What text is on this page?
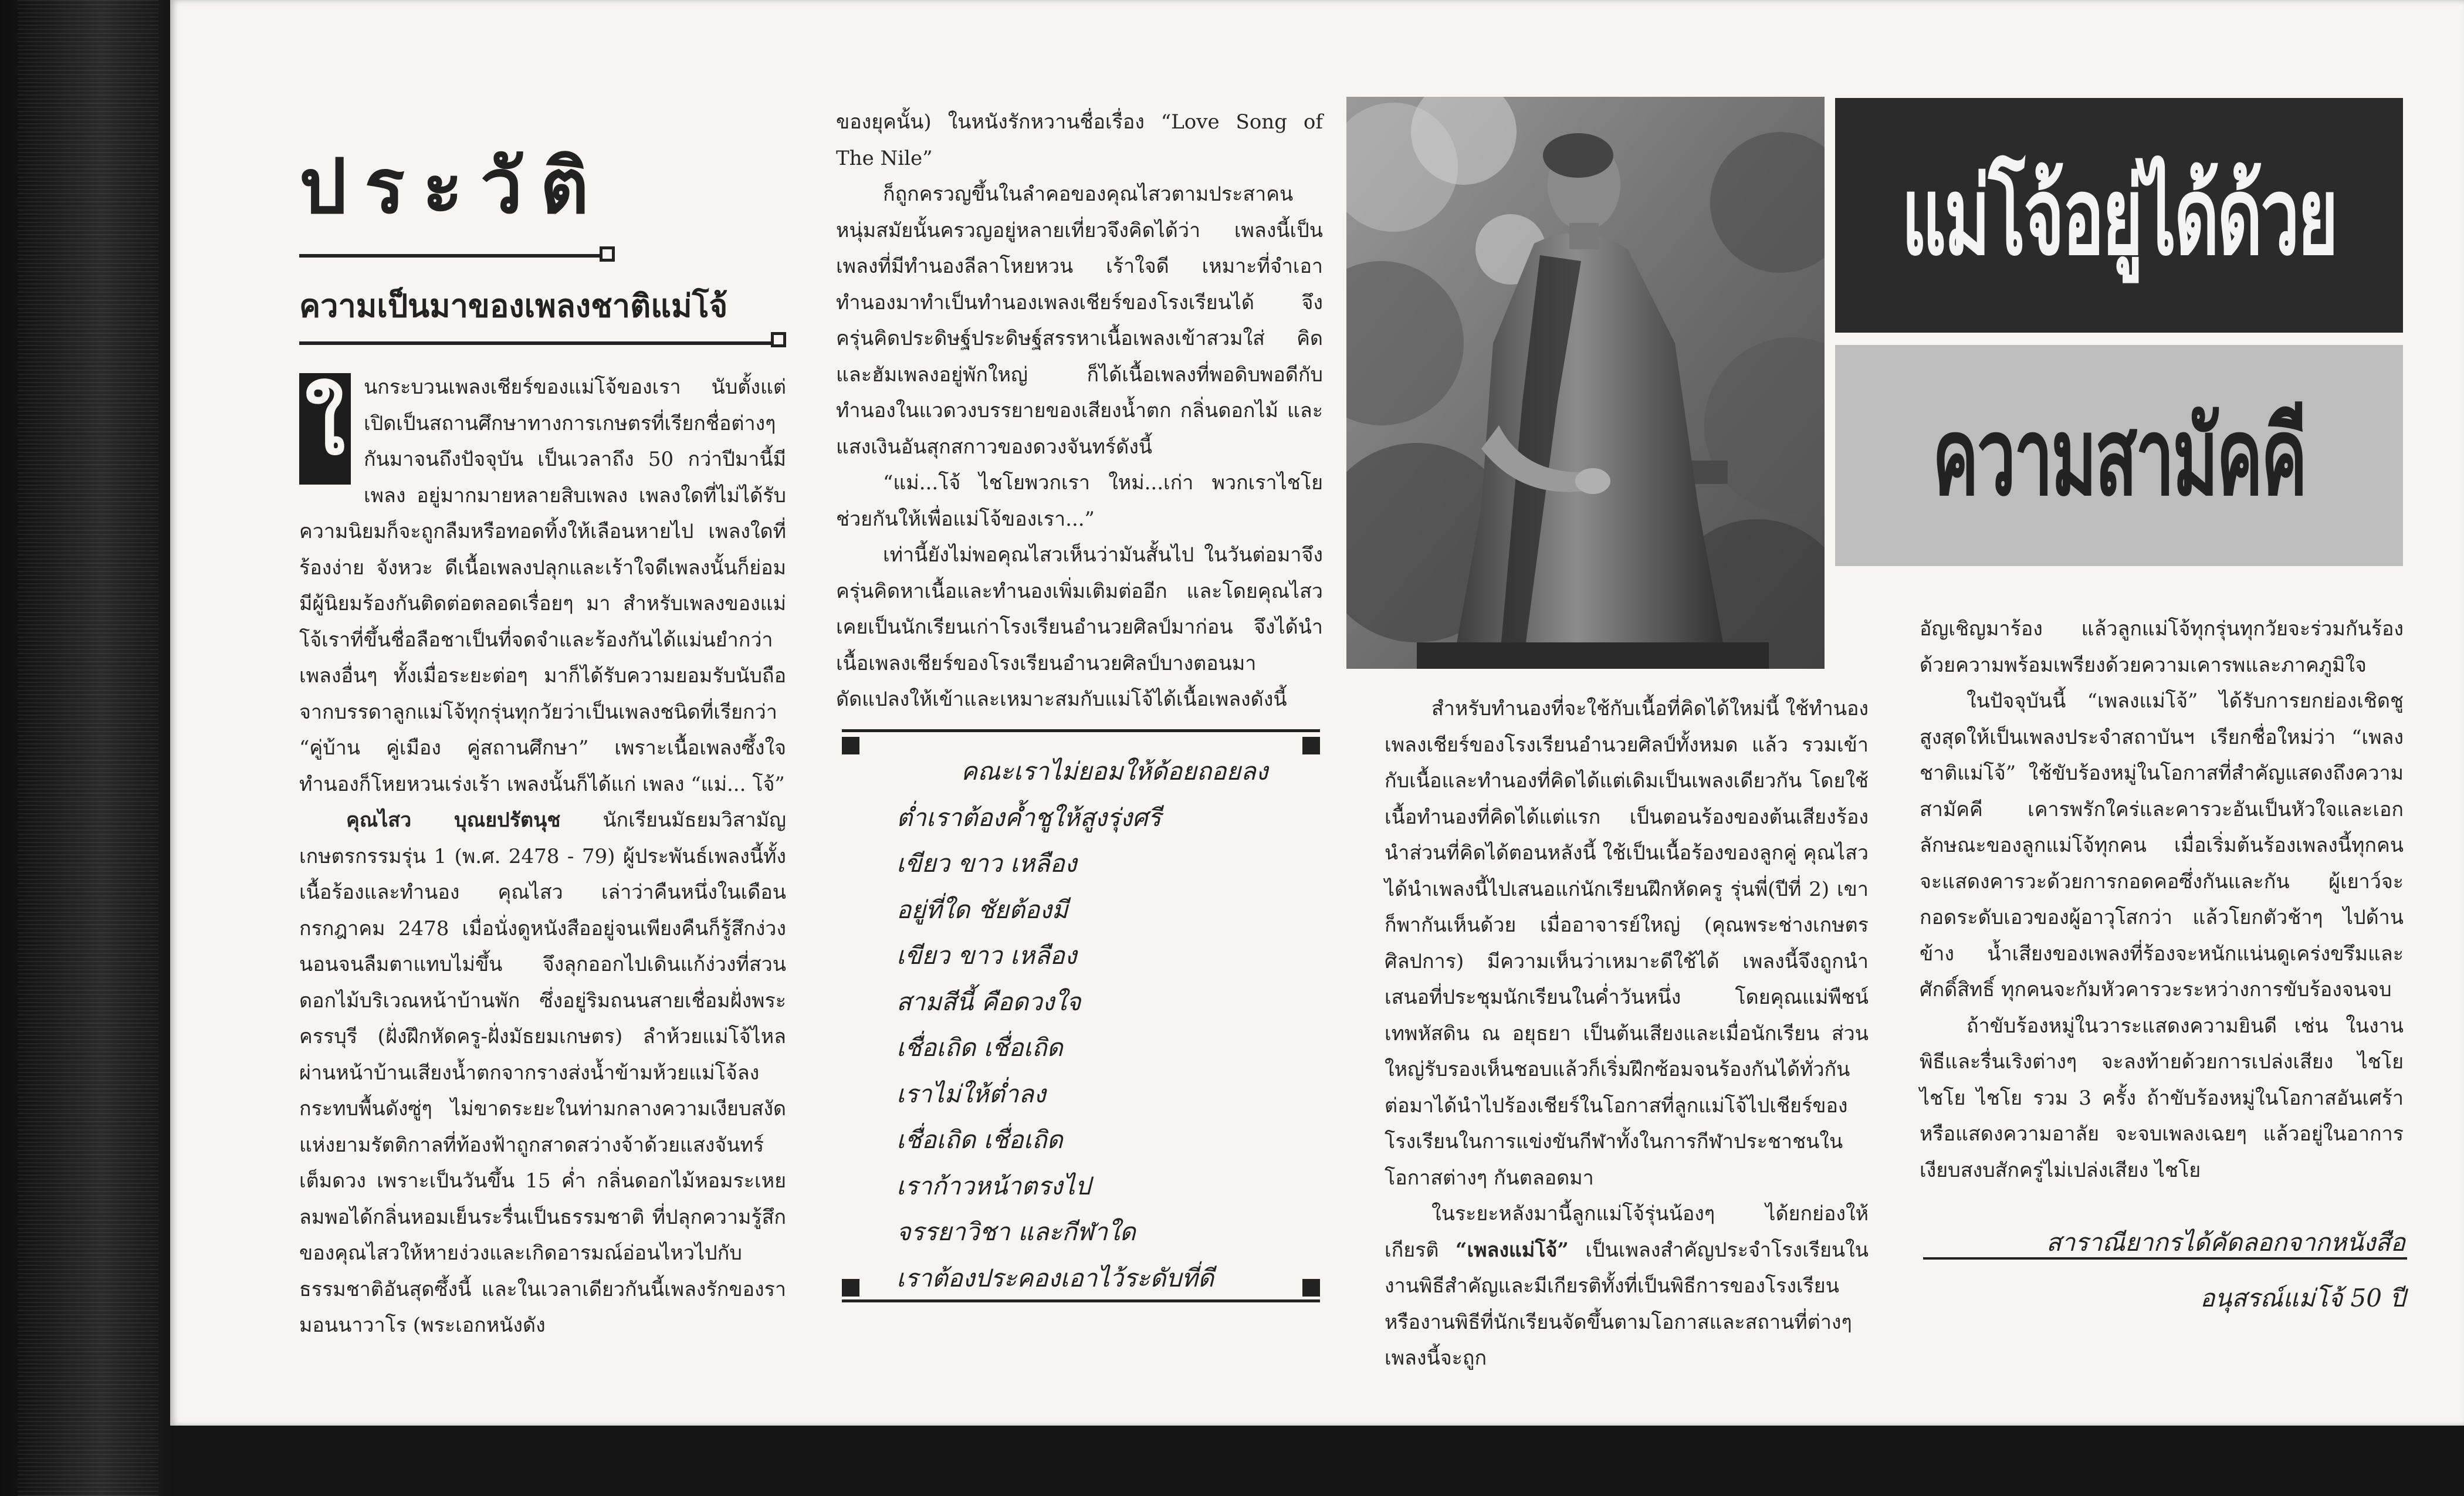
ประวัติ
ความเป็นมาของเพลงชาติแม่โจ้
ใ นกระบวนเพลงเชียร์ของแม่โจ้ของเรา นับตั้งแต่เปิดเป็นสถานศึกษาทางการเกษตรที่เรียกชื่อต่างๆ กันมาจนถึงปัจจุบัน เป็นเวลาถึง 50 กว่าปีมานี้มีเพลง อยู่มากมายหลายสิบเพลง เพลงใดที่ไม่ได้รับความนิยมก็จะถูกลืมหรือทอดทิ้งให้เลือนหายไป เพลงใดที่ร้องง่าย จังหวะ ดีเนื้อเพลงปลุกและเร้าใจดีเพลงนั้นก็ย่อมมีผู้นิยมร้องกันติดต่อตลอดเรื่อยๆ มา สำหรับเพลงของแม่โจ้เราที่ขึ้นชื่อลือชาเป็นที่จดจำและร้องกันได้แม่นยำกว่าเพลงอื่นๆ ทั้งเมื่อระยะต่อๆ มาก็ได้รับความยอมรับนับถือจากบรรดาลูกแม่โจ้ทุกรุ่นทุกวัยว่าเป็นเพลงชนิดที่เรียกว่า “คู่บ้าน คู่เมือง คู่สถานศึกษา” เพราะเนื้อเพลงซึ้งใจ ทำนองก็โหยหวนเร่งเร้า เพลงนั้นก็ได้แก่ เพลง “แม่... โจ้”

คุณไสว บุณยปรัตนุช นักเรียนมัธยมวิสามัญเกษตรกรรมรุ่น 1 (พ.ศ. 2478 - 79) ผู้ประพันธ์เพลงนี้ทั้งเนื้อร้องและทำนอง คุณไสว เล่าว่าคืนหนึ่งในเดือนกรกฎาคม 2478 เมื่อนั่งดูหนังสืออยู่จนเพียงคืนก็รู้สึกง่วงนอนจนลืมตาแทบไม่ขึ้น จึงลุกออกไปเดินแก้ง่วงที่สวนดอกไม้บริเวณหน้าบ้านพัก ซึ่งอยู่ริมถนนสายเชื่อมฝั่งพระครรบุรี (ฝั่งฝึกหัดครู-ฝั่งมัธยมเกษตร) ลำห้วยแม่โจ้ไหลผ่านหน้าบ้านเสียงน้ำตกจากรางส่งน้ำข้ามห้วยแม่โจ้ลงกระทบพื้นดังซู่ๆ ไม่ขาดระยะในท่ามกลางความเงียบสงัดแห่งยามรัตติกาลที่ท้องฟ้าถูกสาดสว่างจ้าด้วยแสงจันทร์เต็มดวง เพราะเป็นวันขึ้น 15 ค่ำ กลิ่นดอกไม้หอมระเหยลมพอได้กลิ่นหอมเย็นระรื่นเป็นธรรมชาติ ที่ปลุกความรู้สึกของคุณไสวให้หายง่วงและเกิดอารมณ์อ่อนไหวไปกับธรรมชาติอันสุดซึ้งนี้ และในเวลาเดียวกันนี้เพลงรักของรามอนนาวาโร (พระเอกหนังดัง

ของยุคนั้น) ในหนังรักหวานชื่อเรื่อง “Love Song of The Nile”

ก็ถูกครวญขึ้นในลำคอของคุณไสวตามประสาคนหนุ่มสมัยนั้นครวญอยู่หลายเที่ยวจึงคิดได้ว่า เพลงนี้เป็นเพลงที่มีทำนองลีลาโหยหวน เร้าใจดี เหมาะที่จำเอาทำนองมาทำเป็นทำนองเพลงเชียร์ของโรงเรียนได้ จึงครุ่นคิดประดิษฐ์ประดิษฐ์สรรหาเนื้อเพลงเข้าสวมใส่ คิดและฮัมเพลงอยู่พักใหญ่ ก็ได้เนื้อเพลงที่พอดิบพอดีกับทำนองในแวดวงบรรยายของเสียงน้ำตก กลิ่นดอกไม้ และแสงเงินอันสุกสกาวของดวงจันทร์ดังนี้

“แม่...โจ้ ไชโยพวกเรา ใหม่...เก่า พวกเราไชโย ช่วยกันให้เพื่อแม่โจ้ของเรา...”

เท่านี้ยังไม่พอคุณไสวเห็นว่ามันสั้นไป ในวันต่อมาจึงครุ่นคิดหาเนื้อและทำนองเพิ่มเติมต่ออีก และโดยคุณไสวเคยเป็นนักเรียนเก่าโรงเรียนอำนวยศิลป์มาก่อน จึงได้นำเนื้อเพลงเชียร์ของโรงเรียนอำนวยศิลป์บางตอนมาดัดแปลงให้เข้าและเหมาะสมกับแม่โจ้ได้เนื้อเพลงดังนี้

คณะเราไม่ยอมให้ด้อยถอยลง
ต่ำเราต้องค้ำชูให้สูงรุ่งศรี
เขียว ขาว เหลือง
อยู่ที่ใด ชัยต้องมี
เขียว ขาว เหลือง
สามสีนี้ คือดวงใจ
เชื่อเถิด เชื่อเถิด
เราไม่ให้ต่ำลง
เชื่อเถิด เชื่อเถิด
เราก้าวหน้าตรงไป
จรรยาวิชา และกีฬาใด
เราต้องประคองเอาไว้ระดับที่ดี
แม่โจ้อยู่ได้ด้วย
ความสามัคคี

สำหรับทำนองที่จะใช้กับเนื้อที่คิดได้ใหม่นี้ ใช้ทำนองเพลงเชียร์ของโรงเรียนอำนวยศิลป์ทั้งหมด แล้ว รวมเข้ากับเนื้อและทำนองที่คิดได้แต่เดิมเป็นเพลงเดียวกัน โดยใช้เนื้อทำนองที่คิดได้แต่แรก เป็นตอนร้องของต้นเสียงร้องนำส่วนที่คิดได้ตอนหลังนี้ ใช้เป็นเนื้อร้องของลูกคู่ คุณไสวได้นำเพลงนี้ไปเสนอแก่นักเรียนฝึกหัดครู รุ่นพี่(ปีที่ 2) เขาก็พากันเห็นด้วย เมื่ออาจารย์ใหญ่ (คุณพระช่างเกษตรศิลปการ) มีความเห็นว่าเหมาะดีใช้ได้ เพลงนี้จึงถูกนำเสนอที่ประชุมนักเรียนในค่ำวันหนึ่ง โดยคุณแม่พืชน์ เทพหัสดิน ณ อยุธยา เป็นต้นเสียงและเมื่อนักเรียน ส่วนใหญ่รับรองเห็นชอบแล้วก็เริ่มฝึกซ้อมจนร้องกันได้ทั่วกัน ต่อมาได้นำไปร้องเชียร์ในโอกาสที่ลูกแม่โจ้ไปเชียร์ของโรงเรียนในการแข่งขันกีฬาทั้งในการกีฬาประชาชนในโอกาสต่างๆ กันตลอดมา

ในระยะหลังมานี้ลูกแม่โจ้รุ่นน้องๆ ได้ยกย่องให้เกียรติ “เพลงแม่โจ้” เป็นเพลงสำคัญประจำโรงเรียนในงานพิธีสำคัญและมีเกียรติทั้งที่เป็นพิธีการของโรงเรียน หรืองานพิธีที่นักเรียนจัดขึ้นตามโอกาสและสถานที่ต่างๆ เพลงนี้จะถูก

อัญเชิญมาร้อง แล้วลูกแม่โจ้ทุกรุ่นทุกวัยจะร่วมกันร้องด้วยความพร้อมเพรียงด้วยความเคารพและภาคภูมิใจ

ในปัจจุบันนี้ “เพลงแม่โจ้” ได้รับการยกย่องเชิดชูสูงสุดให้เป็นเพลงประจำสถาบันฯ เรียกชื่อใหม่ว่า “เพลงชาติแม่โจ้” ใช้ขับร้องหมู่ในโอกาสที่สำคัญแสดงถึงความสามัคคี เคารพรักใคร่และคารวะอันเป็นหัวใจและเอกลักษณะของลูกแม่โจ้ทุกคน เมื่อเริ่มต้นร้องเพลงนี้ทุกคนจะแสดงคารวะด้วยการกอดคอซึ่งกันและกัน ผู้เยาว์จะกอดระดับเอวของผู้อาวุโสกว่า แล้วโยกตัวช้าๆ ไปด้านข้าง น้ำเสียงของเพลงที่ร้องจะหนักแน่นดูเคร่งขรึมและศักดิ์สิทธิ์ ทุกคนจะกัมหัวคารวะระหว่างการขับร้องจนจบ

ถ้าขับร้องหมู่ในวาระแสดงความยินดี เช่น ในงานพิธีและรื่นเริงต่างๆ จะลงท้ายด้วยการเปล่งเสียง ไชโย ไชโย ไชโย รวม 3 ครั้ง ถ้าขับร้องหมู่ในโอกาสอันเศร้าหรือแสดงความอาลัย จะจบเพลงเฉยๆ แล้วอยู่ในอาการเงียบสงบสักครู่ไม่เปล่งเสียง ไชโย

สาราณียากรได้คัดลอกจากหนังสือ
อนุสรณ์แม่โจ้ 50 ปี
